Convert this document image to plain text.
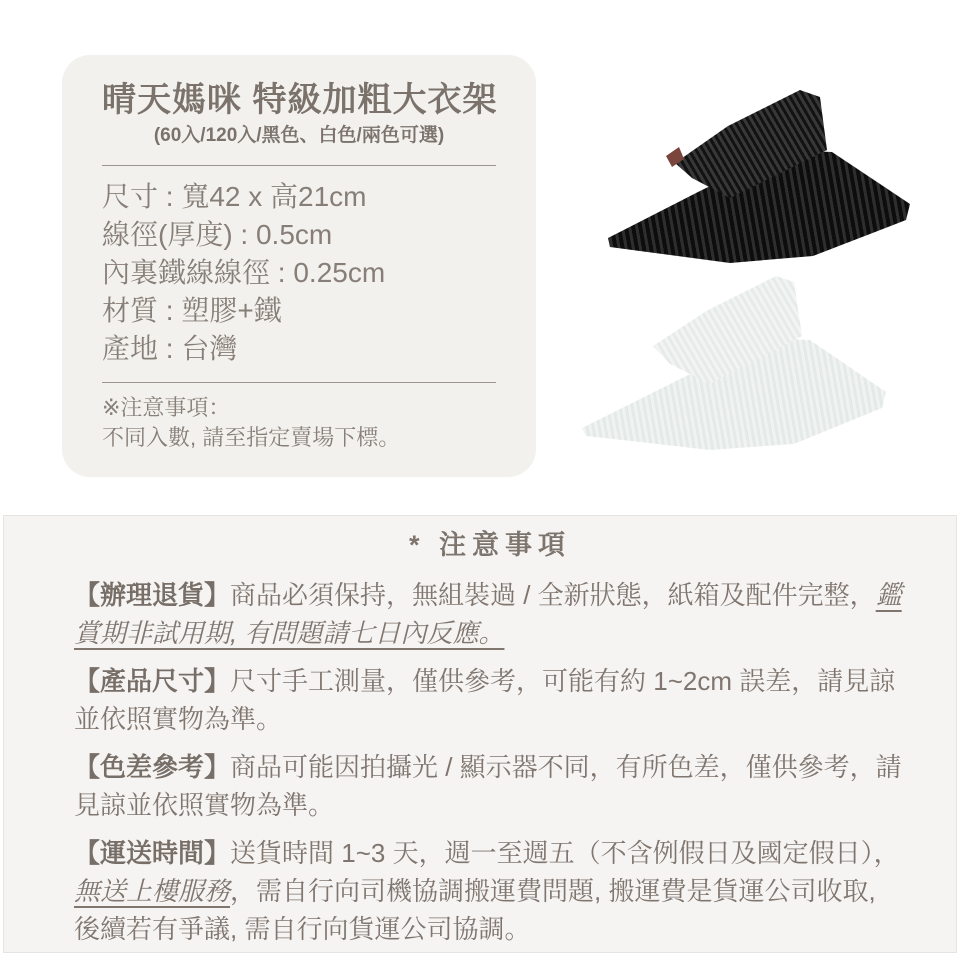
晴天媽咪 特級加粗大衣架
(60入/120入/黑色、白色/兩色可選)
尺寸 : 寬42 x 高21cm
線徑(厚度) : 0.5cm
內裏鐵線線徑 : 0.25cm
材質 : 塑膠+鐵
產地 : 台灣
※注意事項：
不同入數, 請至指定賣場下標。
* 注意事項

【辦理退貨】商品必須保持，無組裝過 / 全新狀態，紙箱及配件完整，鑑賞期非試用期, 有問題請七日內反應。

【產品尺寸】尺寸手工測量，僅供參考，可能有約 1~2cm 誤差，請見諒並依照實物為準。

【色差參考】商品可能因拍攝光 / 顯示器不同，有所色差，僅供參考，請見諒並依照實物為準。

【運送時間】送貨時間 1~3 天，週一至週五（不含例假日及國定假日），無送上樓服務，需自行向司機協調搬運費問題, 搬運費是貨運公司收取, 後續若有爭議, 需自行向貨運公司協調。
